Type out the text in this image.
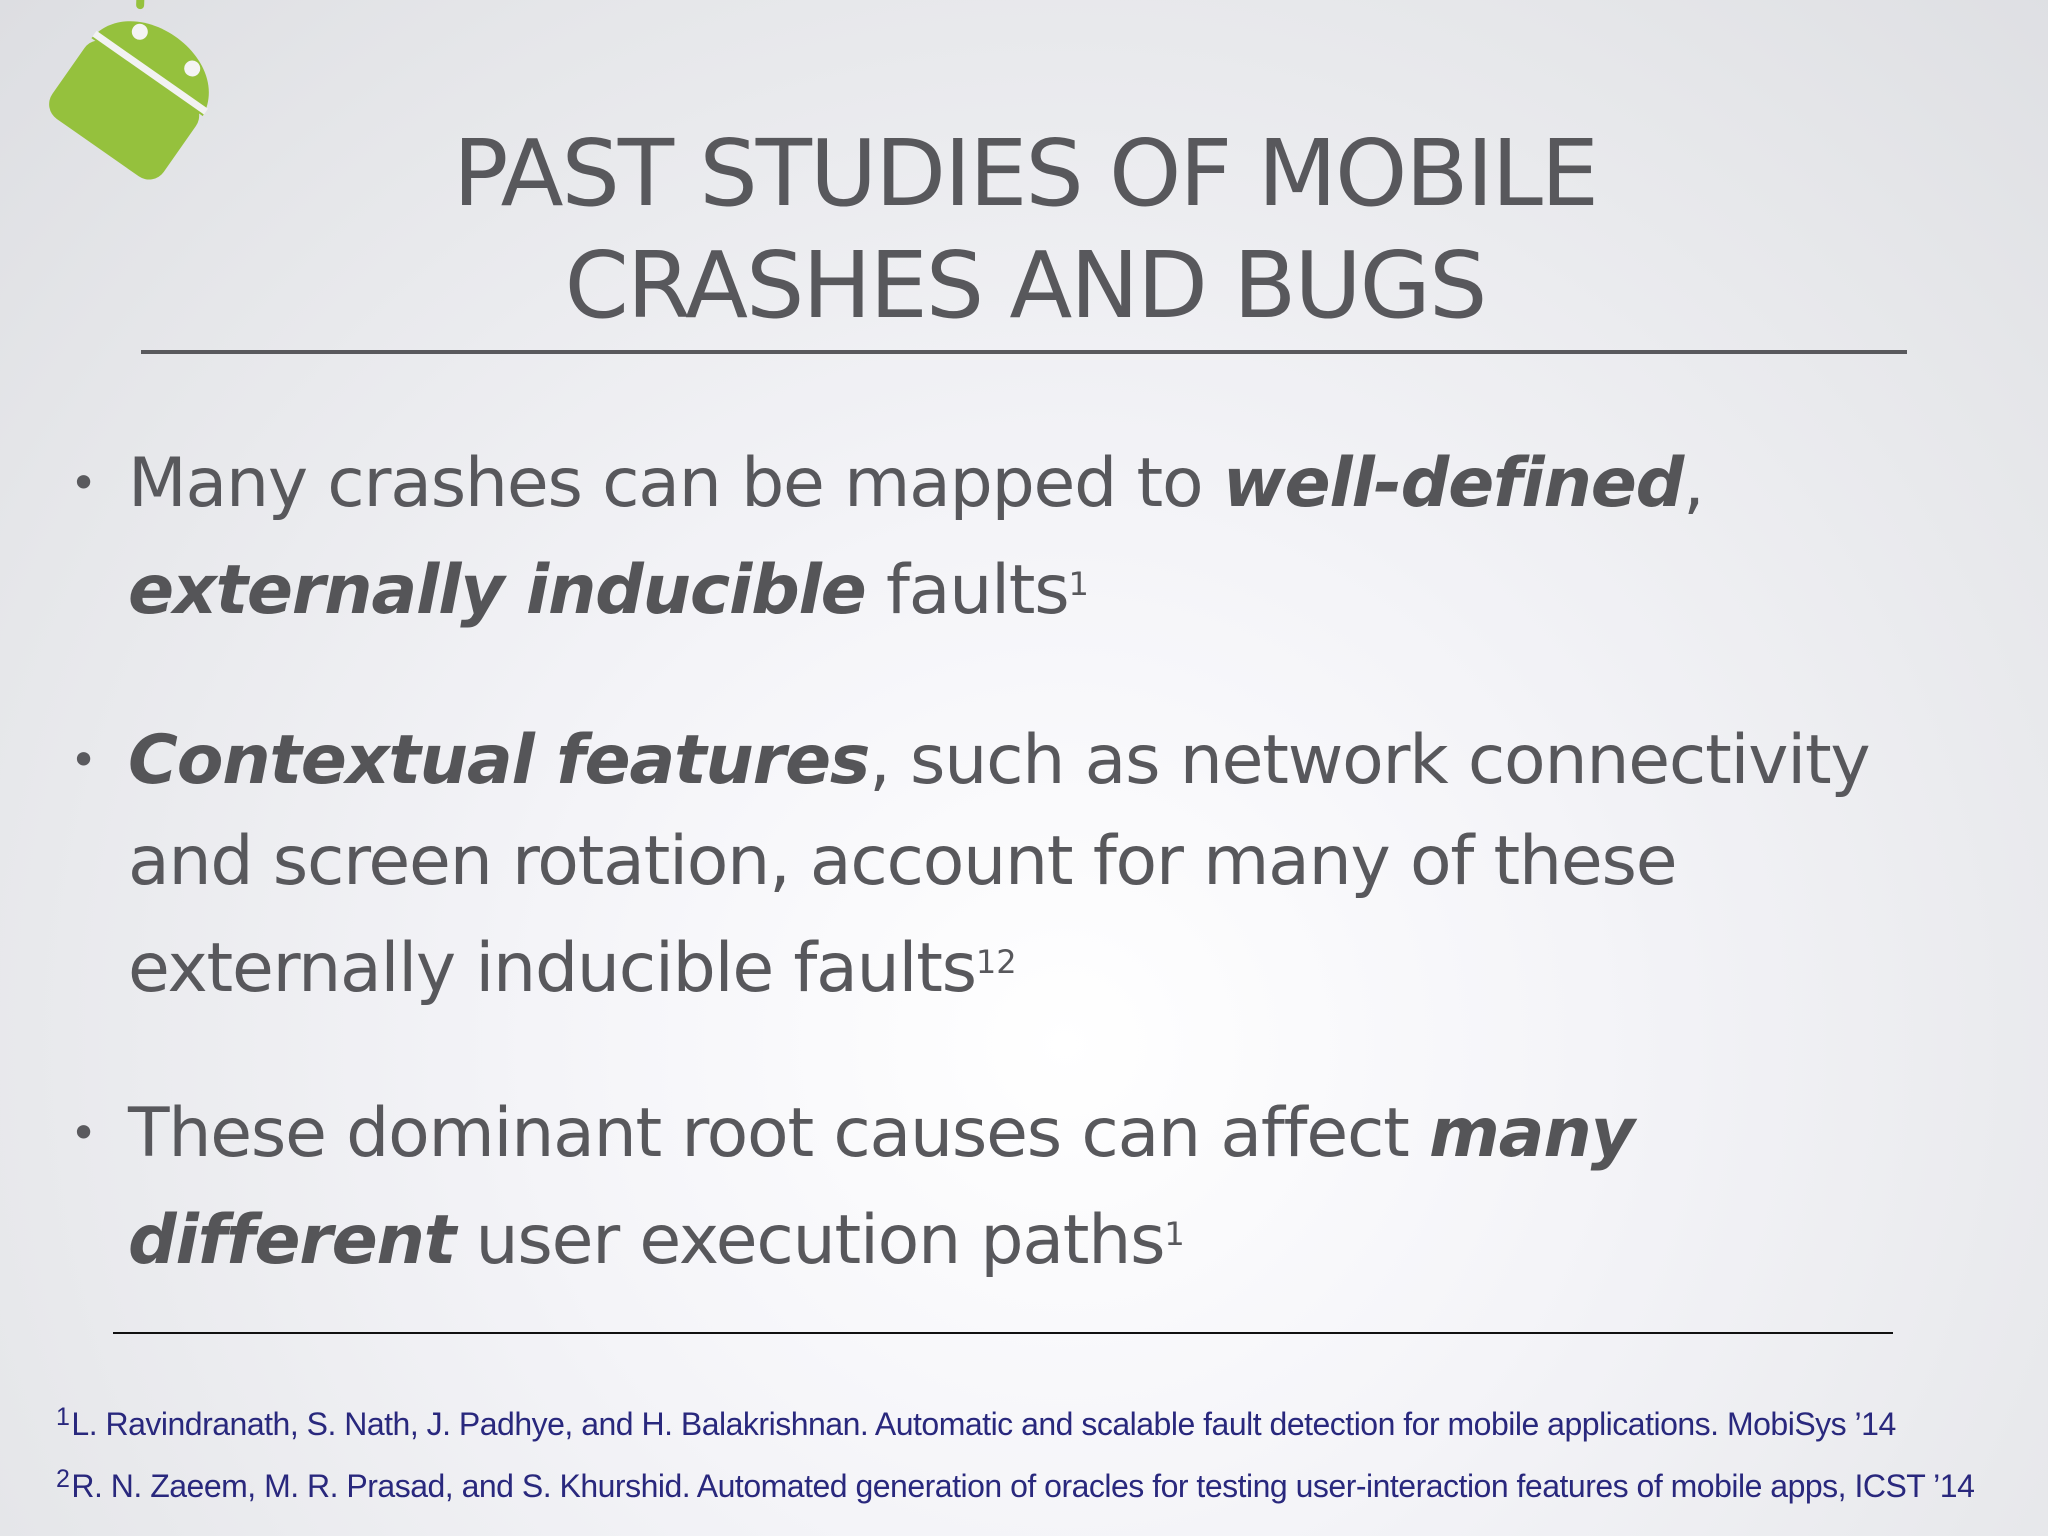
PAST STUDIES OF MOBILE
CRASHES AND BUGS
• Many crashes can be mapped to well-defined, externally inducible faults$^1$
• Contextual features, such as network connectivity and screen rotation, account for many of these externally inducible faults$^{12}$
• These dominant root causes can affect many different user execution paths$^1$
$^1$L. Ravindranath, S. Nath, J. Padhye, and H. Balakrishnan. Automatic and scalable fault detection for mobile applications. MobiSys ’14
$^2$R. N. Zaeem, M. R. Prasad, and S. Khurshid. Automated generation of oracles for testing user-interaction features of mobile apps, ICST ’14
